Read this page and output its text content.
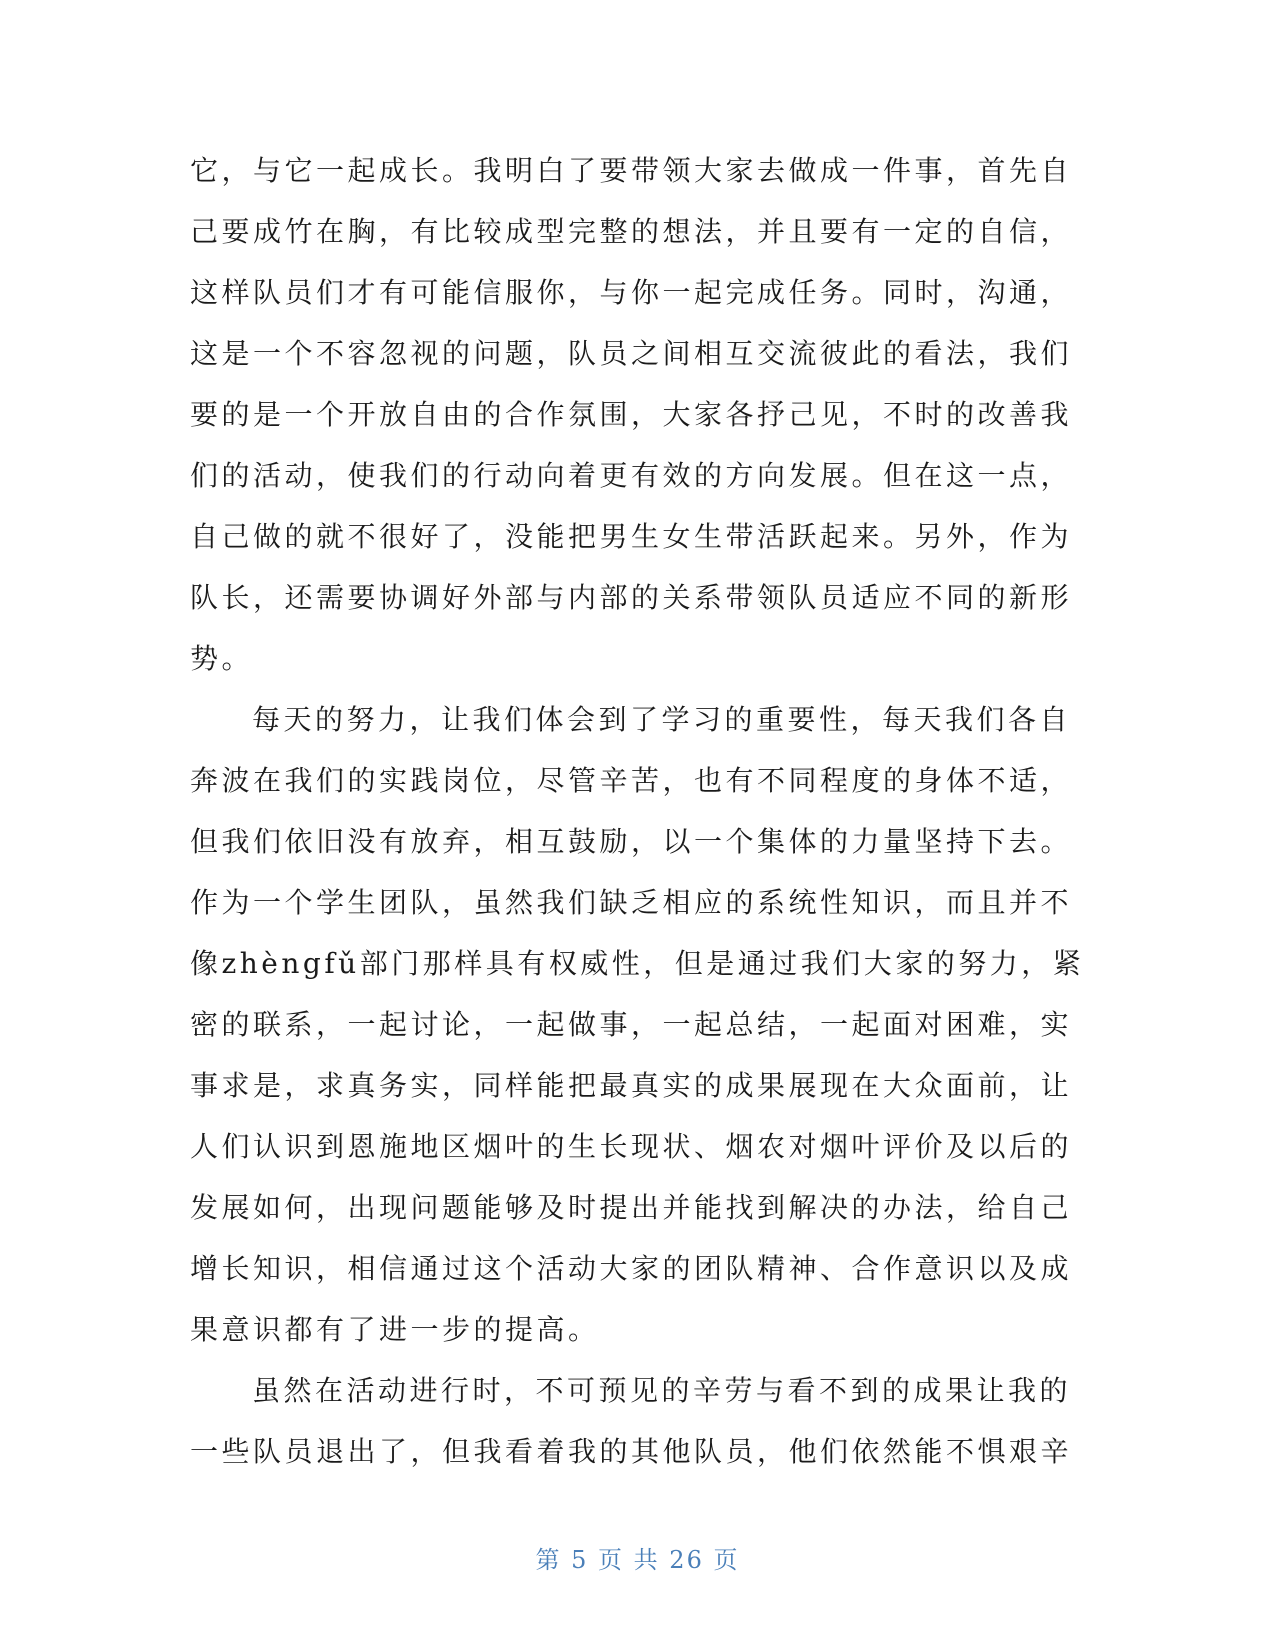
它，与它一起成长。我明白了要带领大家去做成一件事，首先自
己要成竹在胸，有比较成型完整的想法，并且要有一定的自信，
这样队员们才有可能信服你，与你一起完成任务。同时，沟通，
这是一个不容忽视的问题，队员之间相互交流彼此的看法，我们
要的是一个开放自由的合作氛围，大家各抒己见，不时的改善我
们的活动，使我们的行动向着更有效的方向发展。但在这一点，
自己做的就不很好了，没能把男生女生带活跃起来。另外，作为
队长，还需要协调好外部与内部的关系带领队员适应不同的新形
势。
每天的努力，让我们体会到了学习的重要性，每天我们各自
奔波在我们的实践岗位，尽管辛苦，也有不同程度的身体不适，
但我们依旧没有放弃，相互鼓励，以一个集体的力量坚持下去。
作为一个学生团队，虽然我们缺乏相应的系统性知识，而且并不
像zhèngfǔ部门那样具有权威性，但是通过我们大家的努力，紧
密的联系，一起讨论，一起做事，一起总结，一起面对困难，实
事求是，求真务实，同样能把最真实的成果展现在大众面前，让
人们认识到恩施地区烟叶的生长现状、烟农对烟叶评价及以后的
发展如何，出现问题能够及时提出并能找到解决的办法，给自己
增长知识，相信通过这个活动大家的团队精神、合作意识以及成
果意识都有了进一步的提高。
虽然在活动进行时，不可预见的辛劳与看不到的成果让我的
一些队员退出了，但我看着我的其他队员，他们依然能不惧艰辛
第 5 页 共 26 页
